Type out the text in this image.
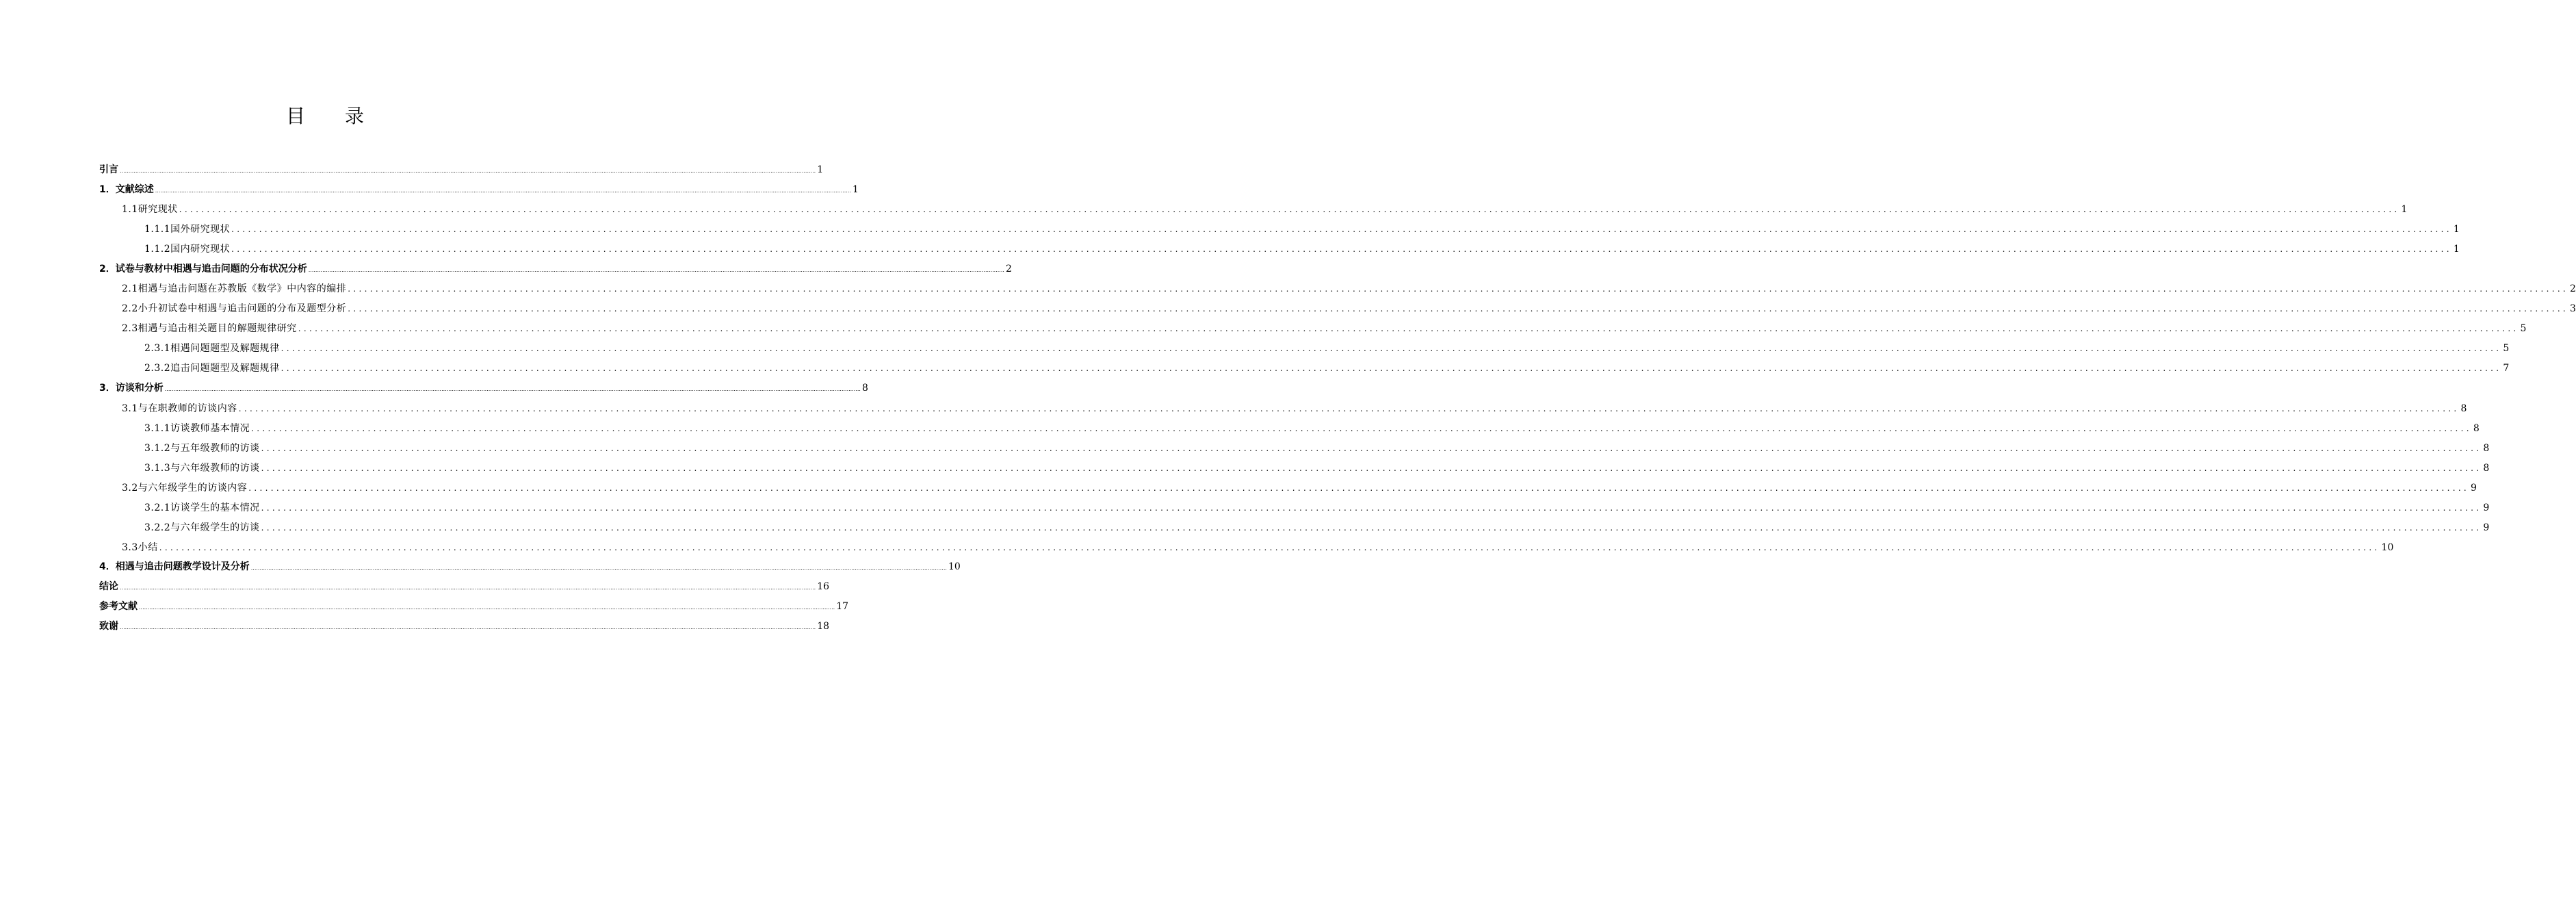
目 录
引言 ................................................................................................................................................................................................................................................................................................................................................................................................................ 1
1．文献综述 ................................................................................................................................................................................................................................................................................................................................................................................................................ 1
1.1研究现状 ................................................................................................................................................................................................................................................................................................................................................................................................................ 1
1.1.1国外研究现状 ................................................................................................................................................................................................................................................................................................................................................................................................................ 1
1.1.2国内研究现状 ................................................................................................................................................................................................................................................................................................................................................................................................................ 1
2．试卷与教材中相遇与追击问题的分布状况分析 ................................................................................................................................................................................................................................................................................................................................................................................................................ 2
2.1相遇与追击问题在苏教版《数学》中内容的编排 ................................................................................................................................................................................................................................................................................................................................................................................................................ 2
2.2小升初试卷中相遇与追击问题的分布及题型分析 ................................................................................................................................................................................................................................................................................................................................................................................................................ 3
2.3相遇与追击相关题目的解题规律研究 ................................................................................................................................................................................................................................................................................................................................................................................................................ 5
2.3.1相遇问题题型及解题规律 ................................................................................................................................................................................................................................................................................................................................................................................................................ 5
2.3.2追击问题题型及解题规律 ................................................................................................................................................................................................................................................................................................................................................................................................................ 7
3．访谈和分析 ................................................................................................................................................................................................................................................................................................................................................................................................................ 8
3.1与在职教师的访谈内容 ................................................................................................................................................................................................................................................................................................................................................................................................................ 8
3.1.1访谈教师基本情况 ................................................................................................................................................................................................................................................................................................................................................................................................................ 8
3.1.2与五年级教师的访谈 ................................................................................................................................................................................................................................................................................................................................................................................................................ 8
3.1.3与六年级教师的访谈 ................................................................................................................................................................................................................................................................................................................................................................................................................ 8
3.2与六年级学生的访谈内容 ................................................................................................................................................................................................................................................................................................................................................................................................................ 9
3.2.1访谈学生的基本情况 ................................................................................................................................................................................................................................................................................................................................................................................................................ 9
3.2.2与六年级学生的访谈 ................................................................................................................................................................................................................................................................................................................................................................................................................ 9
3.3小结 ................................................................................................................................................................................................................................................................................................................................................................................................................ 10
4．相遇与追击问题教学设计及分析 ................................................................................................................................................................................................................................................................................................................................................................................................................ 10
结论 ................................................................................................................................................................................................................................................................................................................................................................................................................ 16
参考文献 ................................................................................................................................................................................................................................................................................................................................................................................................................ 17
致谢 ................................................................................................................................................................................................................................................................................................................................................................................................................ 18
